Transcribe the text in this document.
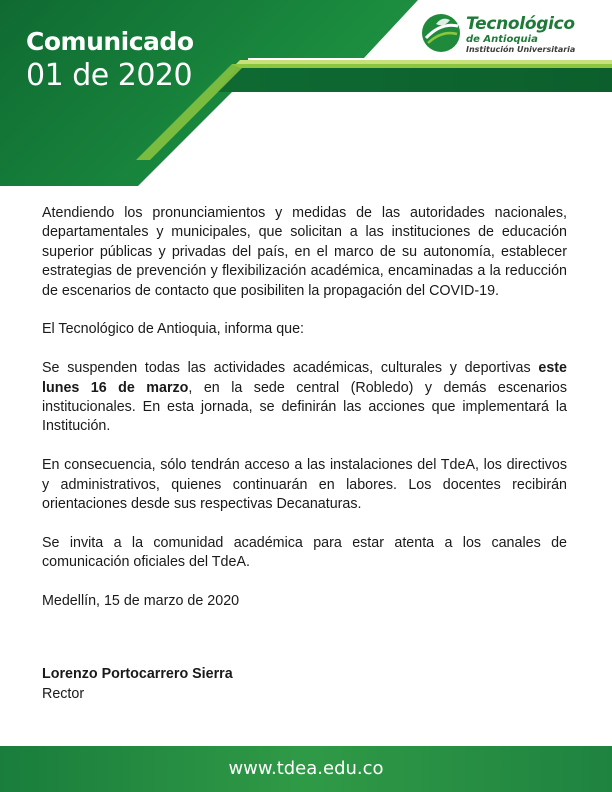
Comunicado
01 de 2020
Tecnológico
de Antioquia
Institución Universitaria

Atendiendo los pronunciamientos y medidas de las autoridades nacionales, departamentales y municipales, que solicitan a las instituciones de educación superior públicas y privadas del país, en el marco de su autonomía, establecer estrategias de prevención y flexibilización académica, encaminadas a la reducción de escenarios de contacto que posibiliten la propagación del COVID-19.

El Tecnológico de Antioquia, informa que:

Se suspenden todas las actividades académicas, culturales y deportivas este lunes 16 de marzo, en la sede central (Robledo) y demás escenarios institucionales. En esta jornada, se definirán las acciones que implementará la Institución.

En consecuencia, sólo tendrán acceso a las instalaciones del TdeA, los directivos y administrativos, quienes continuarán en labores. Los docentes recibirán orientaciones desde sus respectivas Decanaturas.

Se invita a la comunidad académica para estar atenta a los canales de comunicación oficiales del TdeA.

Medellín, 15 de marzo de 2020

Lorenzo Portocarrero Sierra
Rector
www.tdea.edu.co
